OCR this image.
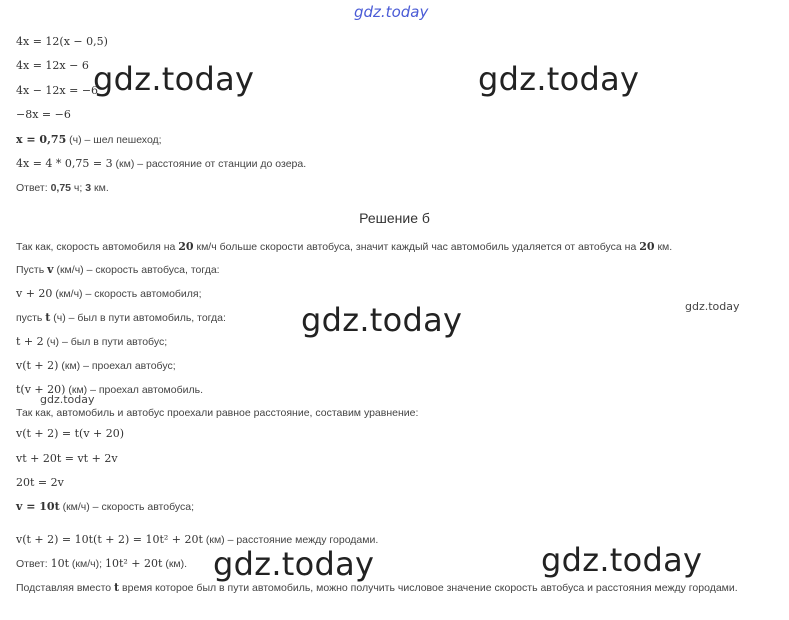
gdz.today
gdz.today	gdz.today
gdz.today
gdz.today	gdz.today
gdz.today
gdz.today
4x = 12(x − 0,5)
4x = 12x − 6
4x − 12x = −6
−8x = −6
x = 0,75 (ч) – шел пешеход;
4x = 4 * 0,75 = 3 (км) – расстояние от станции до озера.
Ответ: 0,75 ч; 3 км.
Решение б
Так как, скорость автомобиля на 20 км/ч больше скорости автобуса, значит каждый час автомобиль удаляется от автобуса на 20 км.
Пусть v (км/ч) – скорость автобуса, тогда:
v + 20 (км/ч) – скорость автомобиля;
пусть t (ч) – был в пути автомобиль, тогда:
t + 2 (ч) – был в пути автобус;
v(t + 2) (км) – проехал автобус;
t(v + 20) (км) – проехал автомобиль.
Так как, автомобиль и автобус проехали равное расстояние, составим уравнение:
v(t + 2) = t(v + 20)
vt + 20t = vt + 2v
20t = 2v
v = 10t (км/ч) – скорость автобуса;
v(t + 2) = 10t(t + 2) = 10t² + 20t (км) – расстояние между городами.
Ответ: 10t (км/ч); 10t² + 20t (км).
Подставляя вместо t время которое был в пути автомобиль, можно получить числовое значение скорость автобуса и расстояния между городами.
